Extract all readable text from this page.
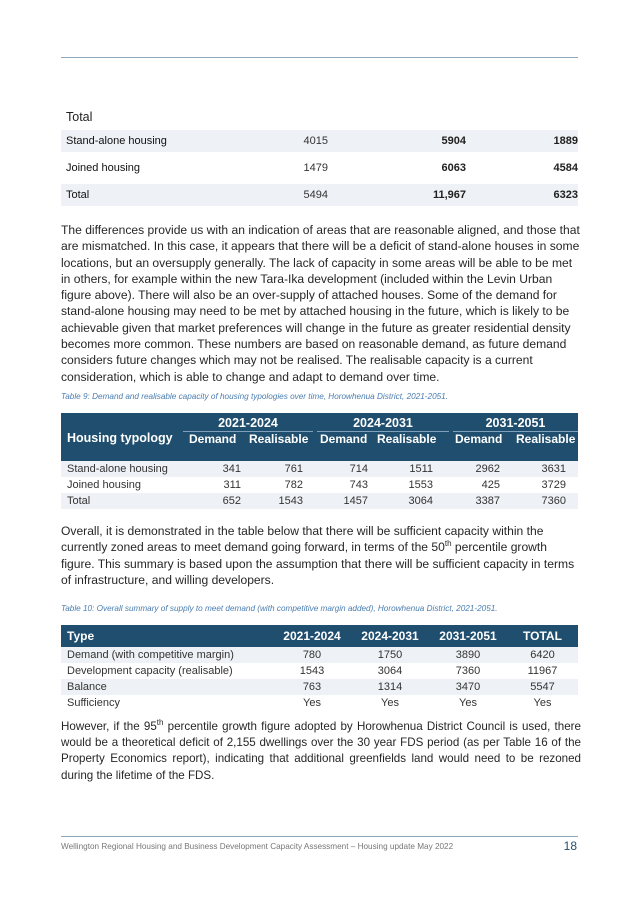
Total
Stand-alone housing	4015	5904	1889
Joined housing	1479	6063	4584
Total	5494	11,967	6323
The differences provide us with an indication of areas that are reasonable aligned, and those that are mismatched. In this case, it appears that there will be a deficit of stand-alone houses in some locations, but an oversupply generally. The lack of capacity in some areas will be able to be met in others, for example within the new Tara-Ika development (included within the Levin Urban figure above). There will also be an over-supply of attached houses. Some of the demand for stand-alone housing may need to be met by attached housing in the future, which is likely to be achievable given that market preferences will change in the future as greater residential density becomes more common. These numbers are based on reasonable demand, as future demand considers future changes which may not be realised. The realisable capacity is a current consideration, which is able to change and adapt to demand over time.
Table 9: Demand and realisable capacity of housing typologies over time, Horowhenua District, 2021-2051.
Housing typology
2021-2024	2024-2031	2031-2051
Demand Realisable Demand Realisable Demand Realisable
Stand-alone housing	341	761	714	1511	2962	3631
Joined housing	311	782	743	1553	425	3729
Total	652	1543	1457	3064	3387	7360
Overall, it is demonstrated in the table below that there will be sufficient capacity within the currently zoned areas to meet demand going forward, in terms of the 50th percentile growth figure. This summary is based upon the assumption that there will be sufficient capacity in terms of infrastructure, and willing developers.
Table 10: Overall summary of supply to meet demand (with competitive margin added), Horowhenua District, 2021-2051.
Type	2021-2024	2024-2031	2031-2051	TOTAL
Demand (with competitive margin)	780	1750	3890	6420
Development capacity (realisable)	1543	3064	7360	11967
Balance	763	1314	3470	5547
Sufficiency	Yes	Yes	Yes	Yes
However, if the 95th percentile growth figure adopted by Horowhenua District Council is used, there would be a theoretical deficit of 2,155 dwellings over the 30 year FDS period (as per Table 16 of the Property Economics report), indicating that additional greenfields land would need to be rezoned during the lifetime of the FDS.
Wellington Regional Housing and Business Development Capacity Assessment – Housing update May 2022	18
